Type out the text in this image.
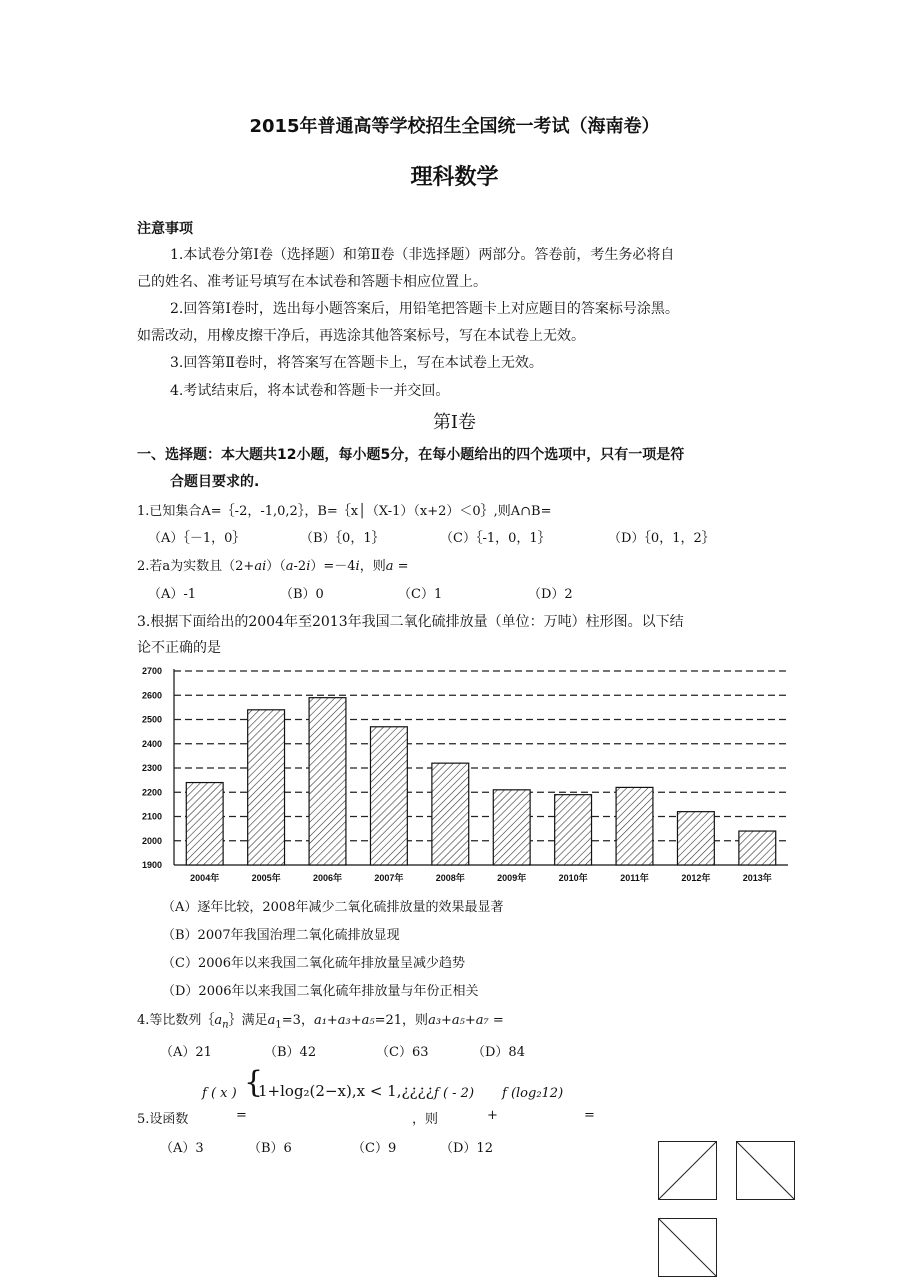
2015年普通高等学校招生全国统一考试（海南卷）
理科数学
注意事项
1.本试卷分第Ⅰ卷（选择题）和第Ⅱ卷（非选择题）两部分。答卷前，考生务必将自
己的姓名、准考证号填写在本试卷和答题卡相应位置上。
2.回答第Ⅰ卷时，选出每小题答案后，用铅笔把答题卡上对应题目的答案标号涂黑。
如需改动，用橡皮擦干净后，再选涂其他答案标号，写在本试卷上无效。
3.回答第Ⅱ卷时，将答案写在答题卡上，写在本试卷上无效。
4.考试结束后，将本试卷和答题卡一并交回。
第Ⅰ卷
一、选择题：本大题共12小题，每小题5分，在每小题给出的四个选项中，只有一项是符
合题目要求的.
1.已知集合A=｛-2，-1,0,2｝，B=｛x│（X-1）（x+2）＜0｝,则A∩B=
（A）｛－1，0｝	（B）｛0，1｝	（C）｛-1，0，1｝	（D）｛0，1，2｝
2.若a为实数且（2+ai）（a-2i）=－4i，则a =
（A）-1	（B）0	（C）1	（D）2
3.根据下面给出的2004年至2013年我国二氧化硫排放量（单位：万吨）柱形图。以下结
论不正确的是
2700
2600
2500
2400
2300
2200
2100
2000
1900
2004年	2005年	2006年	2007年	2008年	2009年	2010年	2011年	2012年	2013年
（A）逐年比较，2008年减少二氧化硫排放量的效果最显著
（B）2007年我国治理二氧化硫排放显现
（C）2006年以来我国二氧化硫年排放量呈减少趋势
（D）2006年以来我国二氧化硫年排放量与年份正相关
4.等比数列$\{a_n\}$满足$a_1=3$，a₁+a₃+a₅=21，则a₃+a₅+a₇ =
（A）21	（B）42	（C）63	（D）84
f ( x ) {
1+log₂(2−x),x < 1,¿¿¿¿ f ( - 2) f (log₂12)
5.设函数	=	，则	+	=
（A）3	（B）6	（C）9	（D）12
